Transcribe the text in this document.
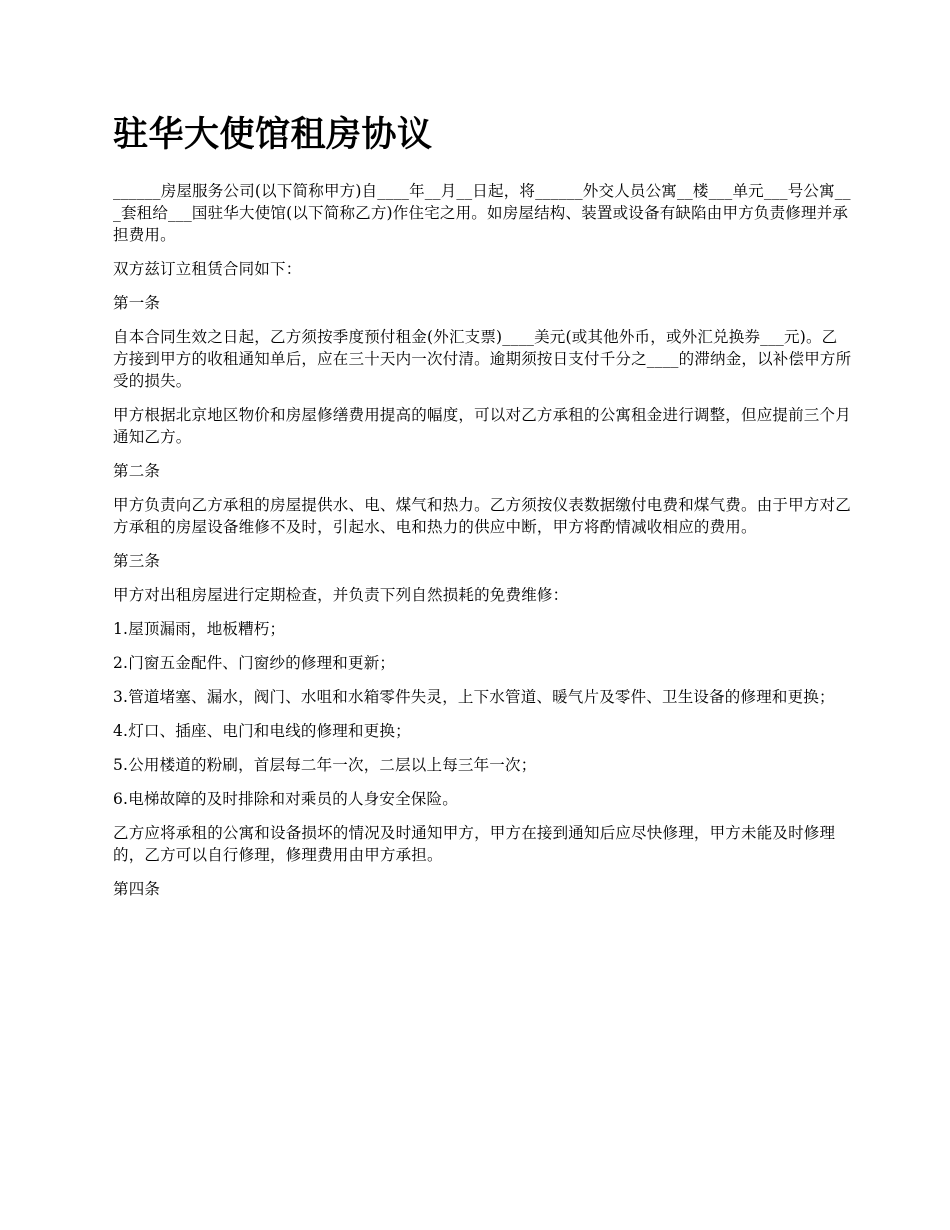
驻华大使馆租房协议

______房屋服务公司(以下简称甲方)自____年__月__日起，将______外交人员公寓__楼___单元___号公寓___套租给___国驻华大使馆(以下简称乙方)作住宅之用。如房屋结构、装置或设备有缺陷由甲方负责修理并承担费用。

双方兹订立租赁合同如下：

第一条

自本合同生效之日起，乙方须按季度预付租金(外汇支票)____美元(或其他外币，或外汇兑换券___元)。乙方接到甲方的收租通知单后，应在三十天内一次付清。逾期须按日支付千分之____的滞纳金，以补偿甲方所受的损失。

甲方根据北京地区物价和房屋修缮费用提高的幅度，可以对乙方承租的公寓租金进行调整，但应提前三个月通知乙方。

第二条

甲方负责向乙方承租的房屋提供水、电、煤气和热力。乙方须按仪表数据缴付电费和煤气费。由于甲方对乙方承租的房屋设备维修不及时，引起水、电和热力的供应中断，甲方将酌情减收相应的费用。

第三条

甲方对出租房屋进行定期检查，并负责下列自然损耗的免费维修：

1.屋顶漏雨，地板糟朽；

2.门窗五金配件、门窗纱的修理和更新；

3.管道堵塞、漏水，阀门、水咀和水箱零件失灵，上下水管道、暖气片及零件、卫生设备的修理和更换；

4.灯口、插座、电门和电线的修理和更换；

5.公用楼道的粉刷，首层每二年一次，二层以上每三年一次；

6.电梯故障的及时排除和对乘员的人身安全保险。

乙方应将承租的公寓和设备损坏的情况及时通知甲方，甲方在接到通知后应尽快修理，甲方未能及时修理的，乙方可以自行修理，修理费用由甲方承担。

第四条
